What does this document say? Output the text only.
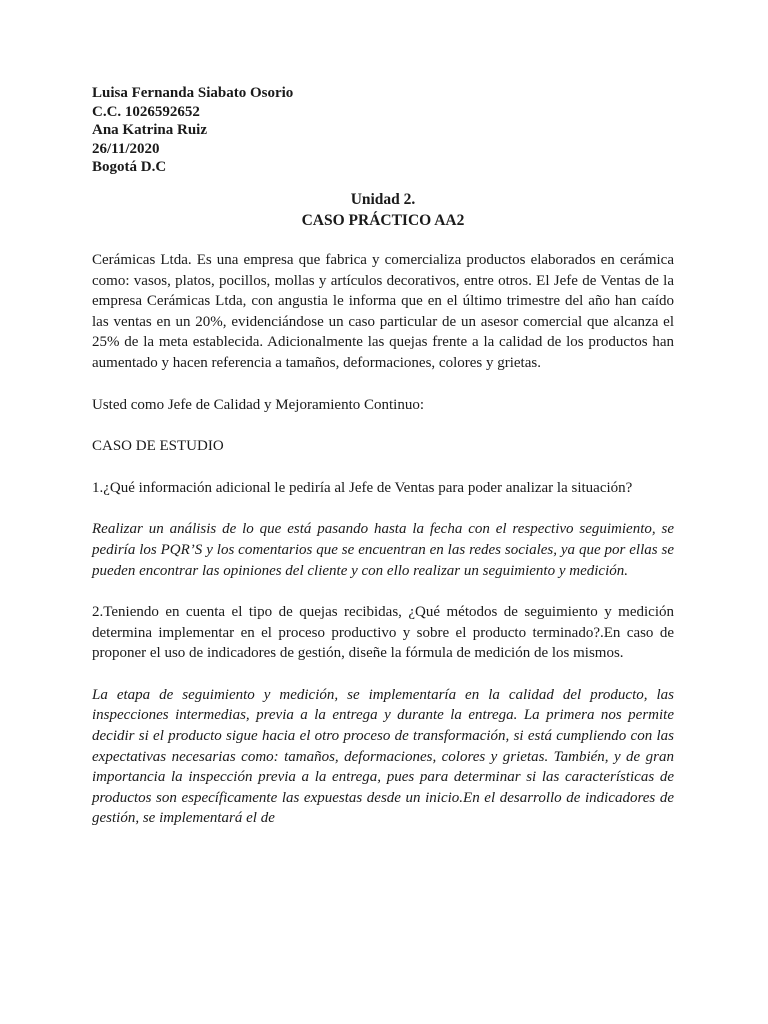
Luisa Fernanda Siabato Osorio
C.C. 1026592652
Ana Katrina Ruiz
26/11/2020
Bogotá D.C
Unidad 2.
CASO PRÁCTICO AA2

Cerámicas Ltda. Es una empresa que fabrica y comercializa productos elaborados en cerámica como: vasos, platos, pocillos, mollas y artículos decorativos, entre otros. El Jefe de Ventas de la empresa Cerámicas Ltda, con angustia le informa que en el último trimestre del año han caído las ventas en un 20%, evidenciándose un caso particular de un asesor comercial que alcanza el 25% de la meta establecida. Adicionalmente las quejas frente a la calidad de los productos han aumentado y hacen referencia a tamaños, deformaciones, colores y grietas.

Usted como Jefe de Calidad y Mejoramiento Continuo:

CASO DE ESTUDIO

1.¿Qué información adicional le pediría al Jefe de Ventas para poder analizar la situación?

Realizar un análisis de lo que está pasando hasta la fecha con el respectivo seguimiento, se pediría los PQR’S y los comentarios que se encuentran en las redes sociales, ya que por ellas se pueden encontrar las opiniones del cliente y con ello realizar un seguimiento y medición.

2.Teniendo en cuenta el tipo de quejas recibidas, ¿Qué métodos de seguimiento y medición determina implementar en el proceso productivo y sobre el producto terminado?.En caso de proponer el uso de indicadores de gestión, diseñe la fórmula de medición de los mismos.

La etapa de seguimiento y medición, se implementaría en la calidad del producto, las inspecciones intermedias, previa a la entrega y durante la entrega. La primera nos permite decidir si el producto sigue hacia el otro proceso de transformación, si está cumpliendo con las expectativas necesarias como: tamaños, deformaciones, colores y grietas. También, y de gran importancia la inspección previa a la entrega, pues para determinar si las características de productos son específicamente las expuestas desde un inicio.En el desarrollo de indicadores de gestión, se implementará el de
